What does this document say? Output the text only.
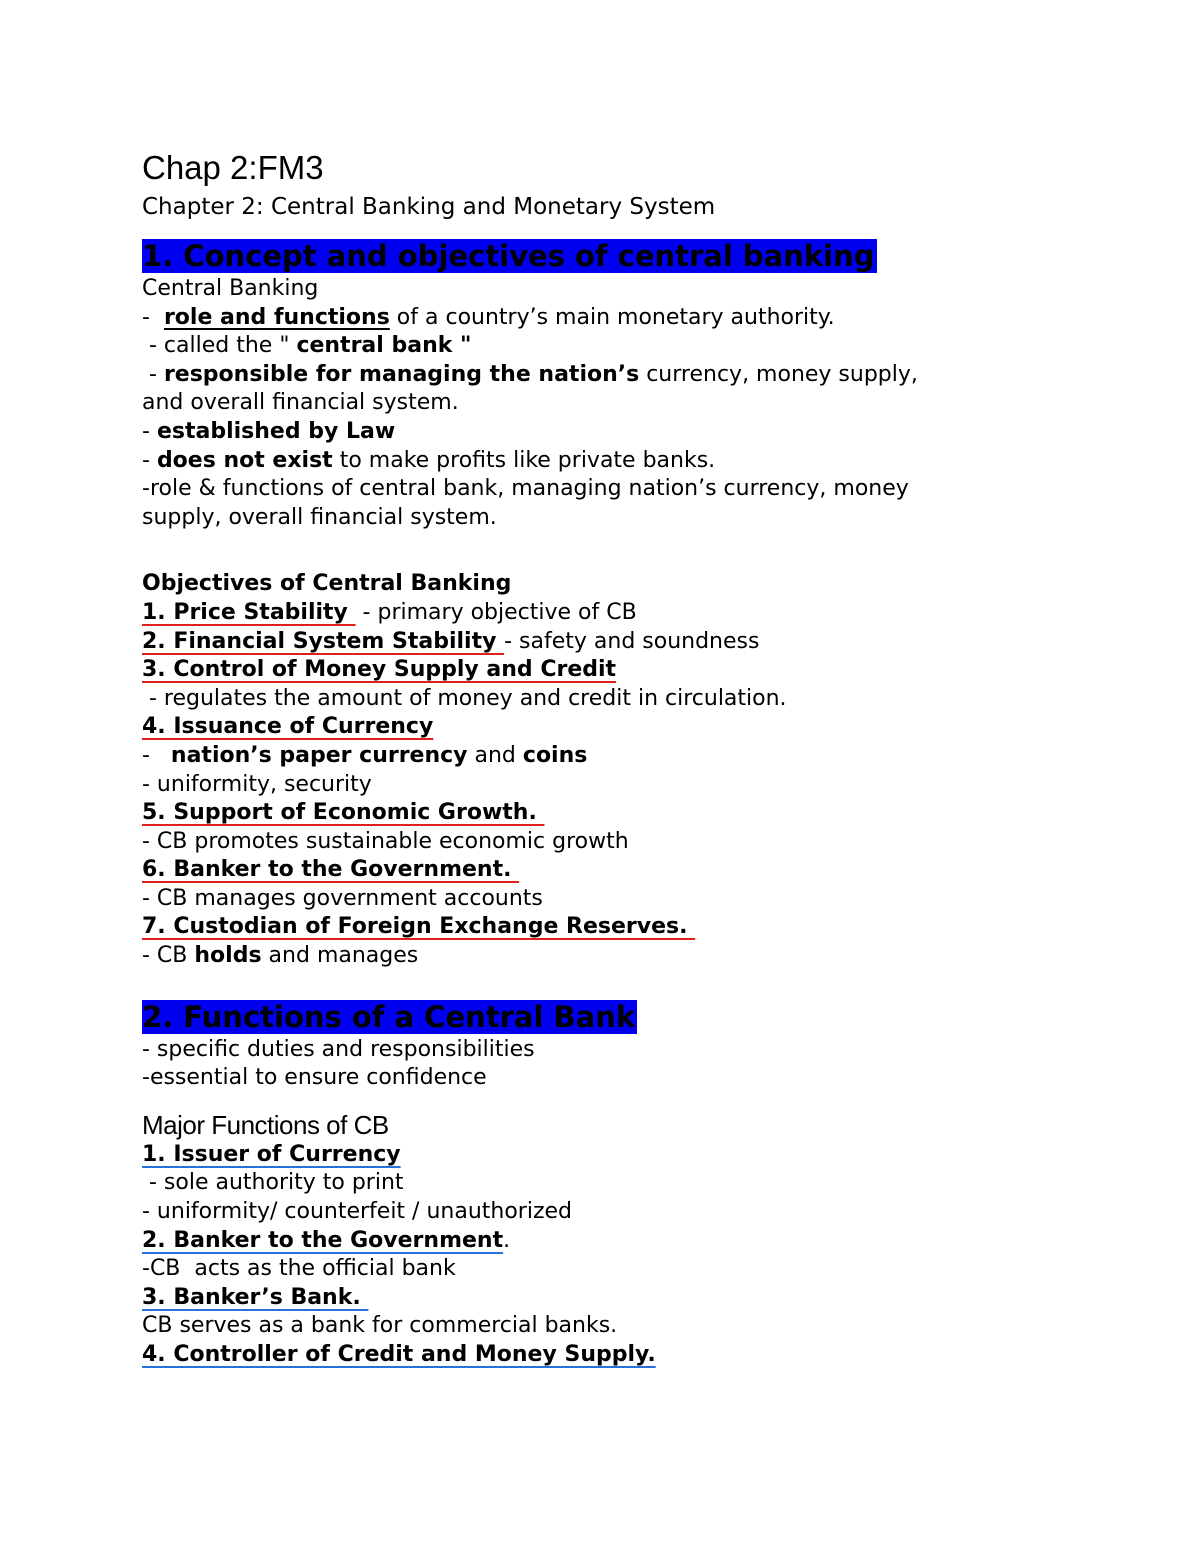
Chap 2:FM3
Chapter 2: Central Banking and Monetary System
1. Concept and objectives of central banking
Central Banking
-  role and functions of a country’s main monetary authority.
- called the " central bank "
- responsible for managing the nation’s currency, money supply,
and overall financial system.
- established by Law
- does not exist to make profits like private banks.
-role & functions of central bank, managing nation’s currency, money
supply, overall financial system.
Objectives of Central Banking
1. Price Stability  - primary objective of CB
2. Financial System Stability - safety and soundness
3. Control of Money Supply and Credit
- regulates the amount of money and credit in circulation.
4. Issuance of Currency
-   nation’s paper currency and coins
- uniformity, security
5. Support of Economic Growth.
- CB promotes sustainable economic growth
6. Banker to the Government.
- CB manages government accounts
7. Custodian of Foreign Exchange Reserves.
- CB holds and manages
2. Functions of a Central Bank
- specific duties and responsibilities
-essential to ensure confidence
Major Functions of CB
1. Issuer of Currency
- sole authority to print
- uniformity/ counterfeit / unauthorized
2. Banker to the Government.
-CB  acts as the official bank
3. Banker’s Bank.
CB serves as a bank for commercial banks.
4. Controller of Credit and Money Supply.
